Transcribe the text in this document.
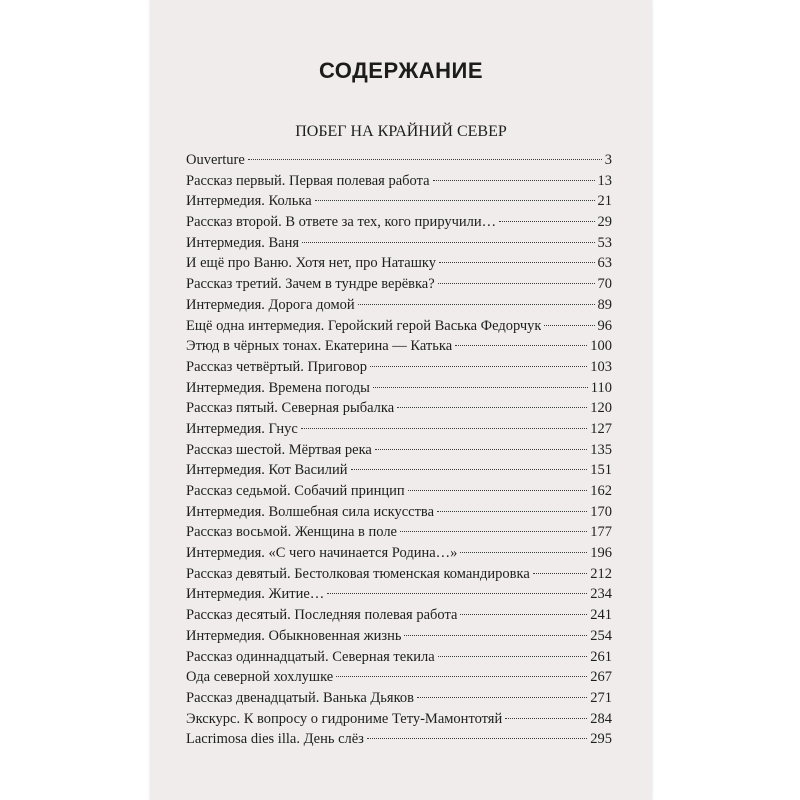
СОДЕРЖАНИЕ
ПОБЕГ НА КРАЙНИЙ СЕВЕР
Ouverture	3
Рассказ первый. Первая полевая работа	13
Интермедия. Колька	21
Рассказ второй. В ответе за тех, кого приручили…	29
Интермедия. Ваня	53
И ещё про Ваню. Хотя нет, про Наташку	63
Рассказ третий. Зачем в тундре верёвка?	70
Интермедия. Дорога домой	89
Ещё одна интермедия. Геройский герой Васька Федорчук	96
Этюд в чёрных тонах. Екатерина — Катька	100
Рассказ четвёртый. Приговор	103
Интермедия. Времена погоды	110
Рассказ пятый. Северная рыбалка	120
Интермедия. Гнус	127
Рассказ шестой. Мёртвая река	135
Интермедия. Кот Василий	151
Рассказ седьмой. Собачий принцип	162
Интермедия. Волшебная сила искусства	170
Рассказ восьмой. Женщина в поле	177
Интермедия. «С чего начинается Родина…»	196
Рассказ девятый. Бестолковая тюменская командировка	212
Интермедия. Житие…	234
Рассказ десятый. Последняя полевая работа	241
Интермедия. Обыкновенная жизнь	254
Рассказ одиннадцатый. Северная текила	261
Ода северной хохлушке	267
Рассказ двенадцатый. Ванька Дьяков	271
Экскурс. К вопросу о гидрониме Тету-Мамонтотяй	284
Lacrimosa dies illa. День слёз	295
